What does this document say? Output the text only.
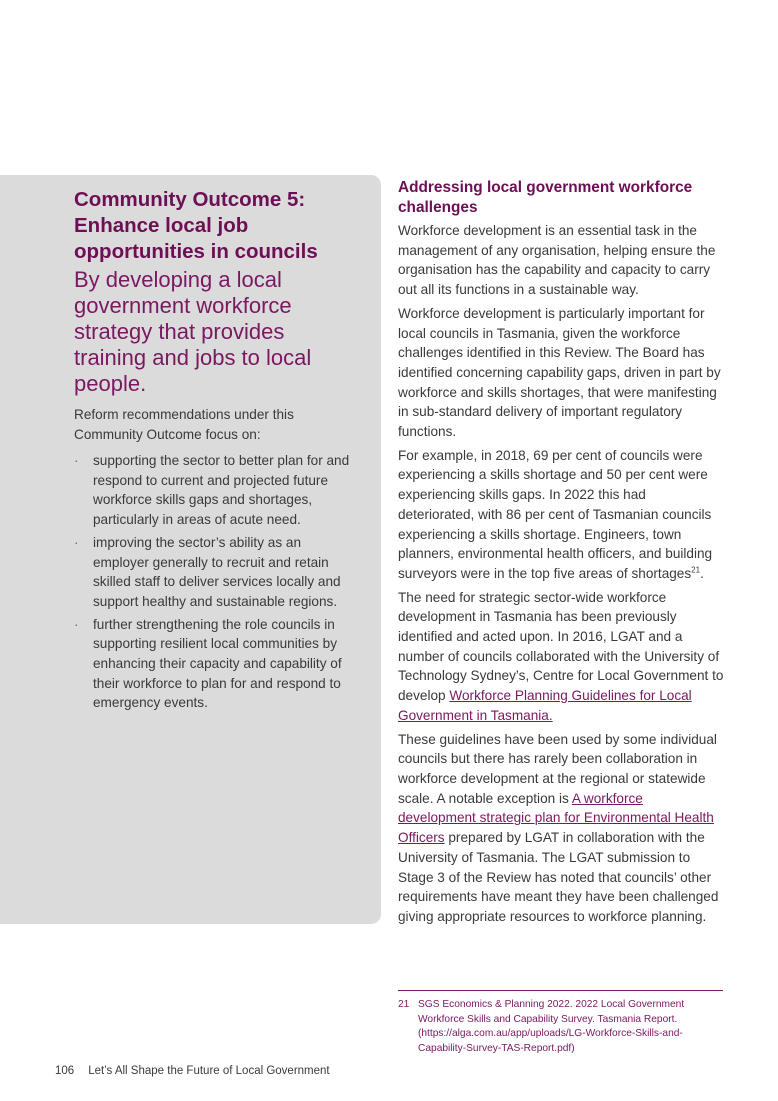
Community Outcome 5: Enhance local job opportunities in councils

By developing a local government workforce strategy that provides training and jobs to local people.

Reform recommendations under this Community Outcome focus on:

· supporting the sector to better plan for and respond to current and projected future workforce skills gaps and shortages, particularly in areas of acute need.
· improving the sector’s ability as an employer generally to recruit and retain skilled staff to deliver services locally and support healthy and sustainable regions.
· further strengthening the role councils in supporting resilient local communities by enhancing their capacity and capability of their workforce to plan for and respond to emergency events.
Addressing local government workforce challenges

Workforce development is an essential task in the management of any organisation, helping ensure the organisation has the capability and capacity to carry out all its functions in a sustainable way.

Workforce development is particularly important for local councils in Tasmania, given the workforce challenges identified in this Review. The Board has identified concerning capability gaps, driven in part by workforce and skills shortages, that were manifesting in sub-standard delivery of important regulatory functions.

For example, in 2018, 69 per cent of councils were experiencing a skills shortage and 50 per cent were experiencing skills gaps. In 2022 this had deteriorated, with 86 per cent of Tasmanian councils experiencing a skills shortage. Engineers, town planners, environmental health officers, and building surveyors were in the top five areas of shortages$^{21}$.

The need for strategic sector-wide workforce development in Tasmania has been previously identified and acted upon. In 2016, LGAT and a number of councils collaborated with the University of Technology Sydney’s, Centre for Local Government to develop Workforce Planning Guidelines for Local Government in Tasmania.

These guidelines have been used by some individual councils but there has rarely been collaboration in workforce development at the regional or statewide scale. A notable exception is A workforce development strategic plan for Environmental Health Officers prepared by LGAT in collaboration with the University of Tasmania. The LGAT submission to Stage 3 of the Review has noted that councils’ other requirements have meant they have been challenged giving appropriate resources to workforce planning.

21 SGS Economics & Planning 2022. 2022 Local Government Workforce Skills and Capability Survey. Tasmania Report. (https://alga.com.au/app/uploads/LG-Workforce-Skills-and-Capability-Survey-TAS-Report.pdf)
106 Let’s All Shape the Future of Local Government
